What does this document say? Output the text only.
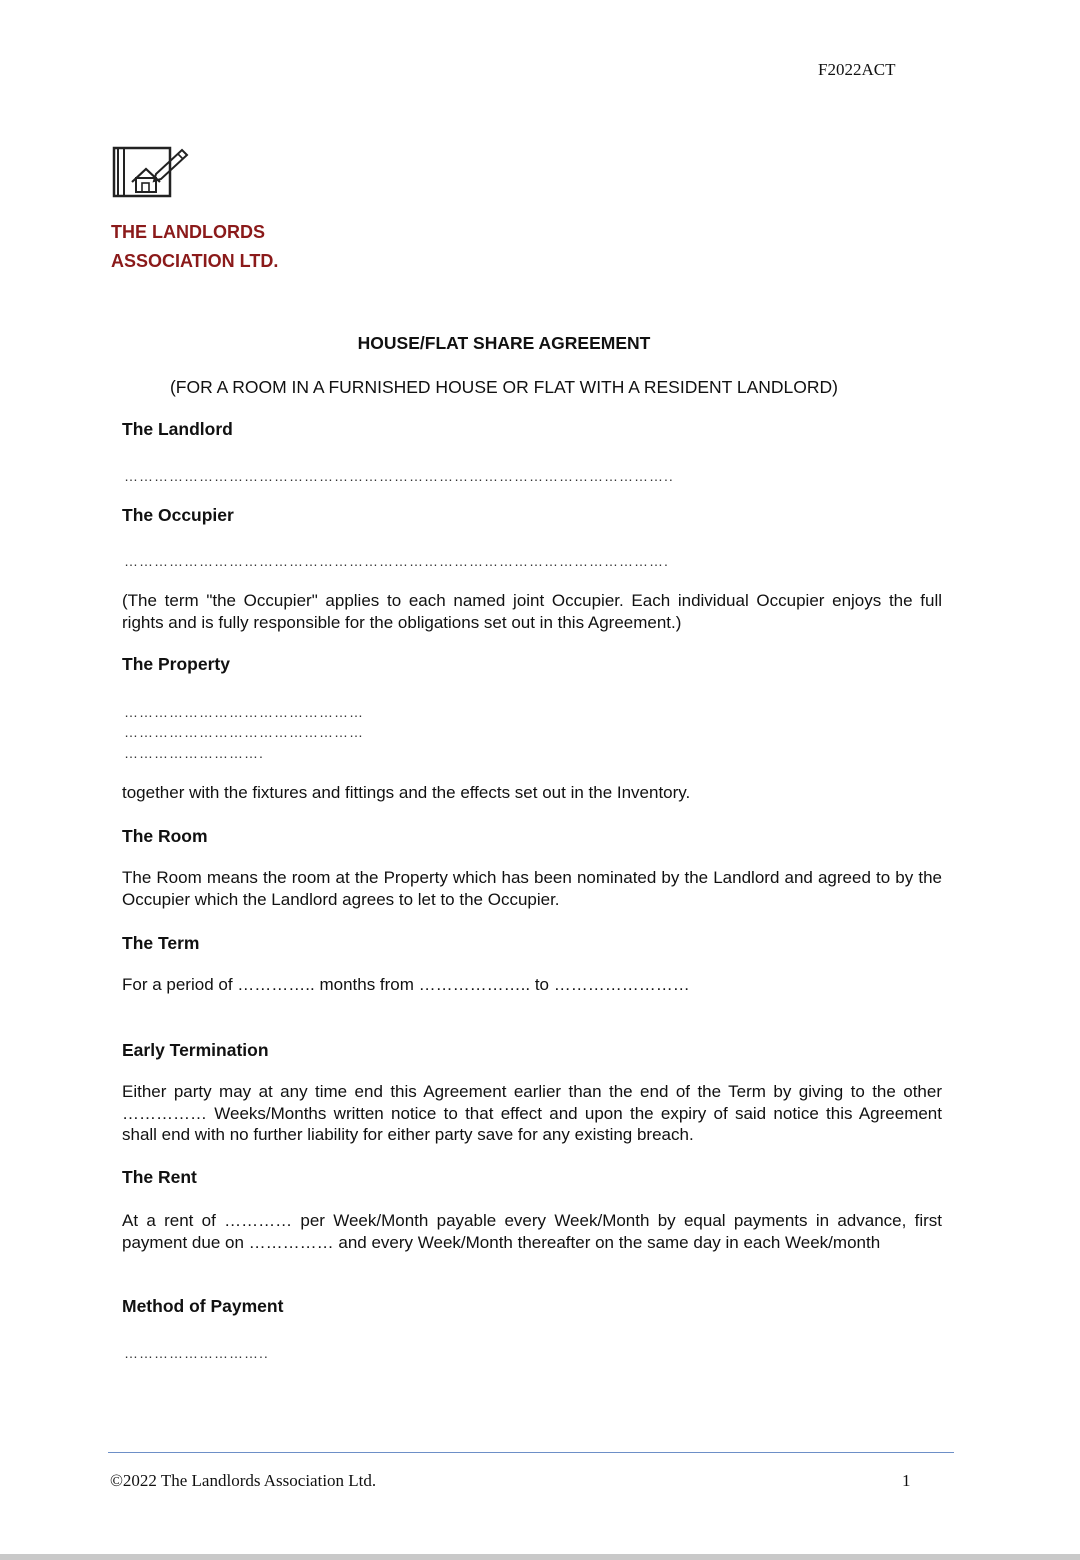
F2022ACT
THE LANDLORDS
ASSOCIATION LTD.
HOUSE/FLAT SHARE AGREEMENT
(FOR A ROOM IN A FURNISHED HOUSE OR FLAT WITH A RESIDENT LANDLORD)
The Landlord
………………………………………………………………………………………………..
The Occupier
……………………………………………………………………………………………….
(The term "the Occupier" applies to each named joint Occupier. Each individual Occupier enjoys the full rights and is fully responsible for the obligations set out in this Agreement.)
The Property
…………………………………………
…………………………………………
……………………….
together with the fixtures and fittings and the effects set out in the Inventory.
The Room
The Room means the room at the Property which has been nominated by the Landlord and agreed to by the Occupier which the Landlord agrees to let to the Occupier.
The Term
For a period of ………….. months from ……………….. to ……………………
Early Termination
Either party may at any time end this Agreement earlier than the end of the Term by giving to the other …………… Weeks/Months written notice to that effect and upon the expiry of said notice this Agreement shall end with no further liability for either party save for any existing breach.
The Rent
At a rent of ………… per Week/Month payable every Week/Month by equal payments in advance, first payment due on …………… and every Week/Month thereafter on the same day in each Week/month
Method of Payment
………………………..
©2022 The Landlords Association Ltd.	1
